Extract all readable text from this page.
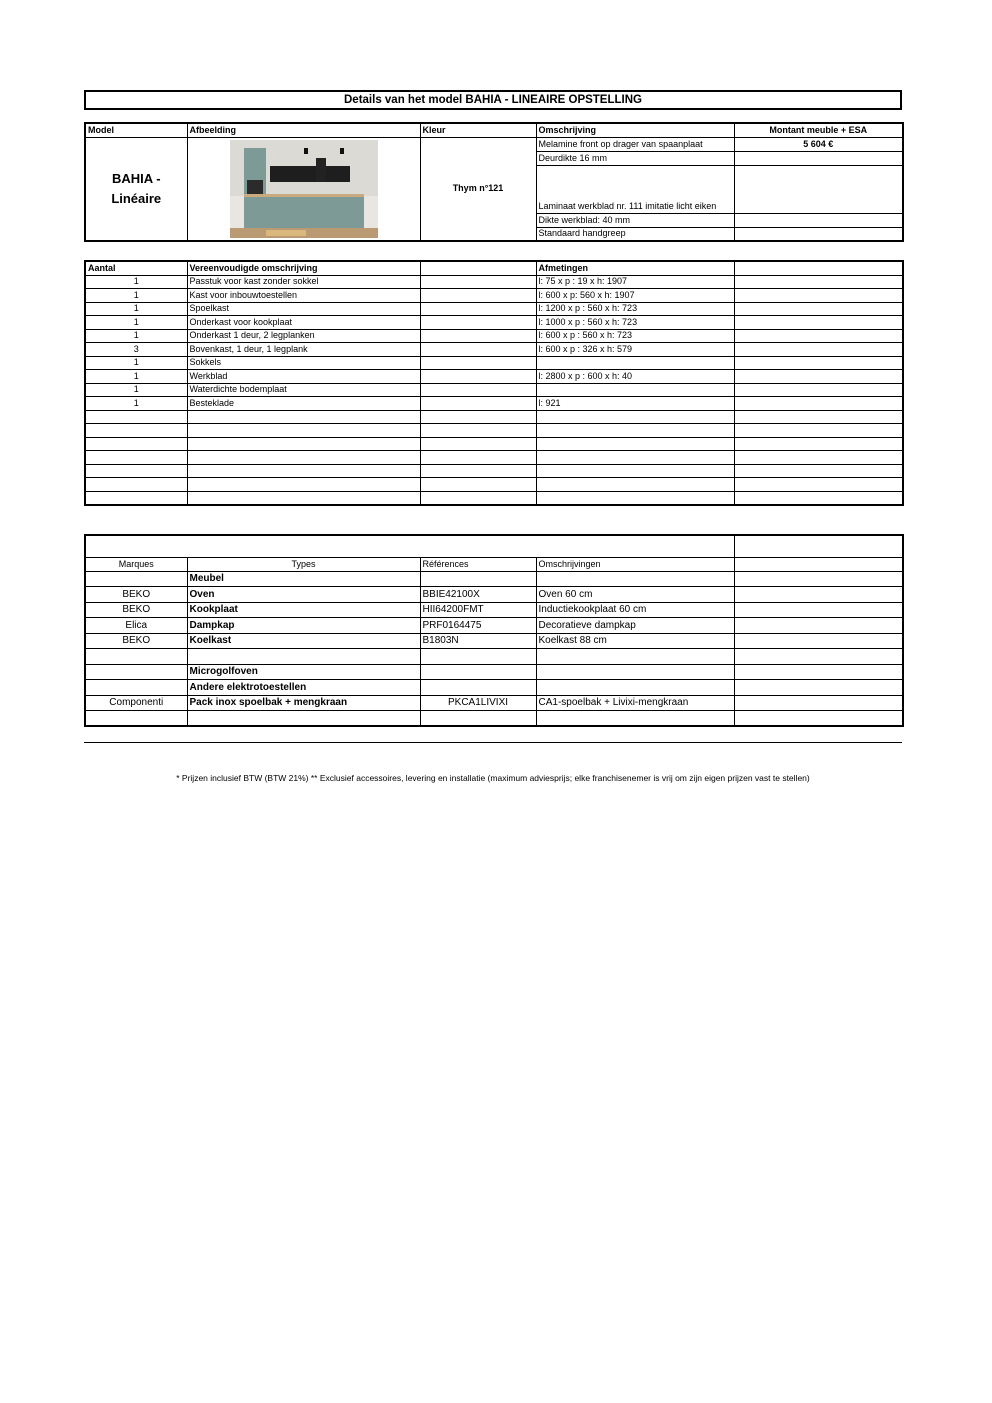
Details van het model BAHIA - LINEAIRE OPSTELLING
Model	Afbeelding	Kleur	Omschrijving	Montant meuble + ESA

BAHIA -
Linéaire		Thym n°121	Melamine front op drager van spaanplaat	5 604 €
			Deurdikte 16 mm	
			Laminaat werkblad nr. 111 imitatie licht eiken	
			Dikte werkblad: 40 mm	
			Standaard handgreep	
Aantal	Vereenvoudigde omschrijving		Afmetingen	
1	Passtuk voor kast zonder sokkel		l: 75 x p : 19 x h: 1907	
1	Kast voor inbouwtoestellen		l: 600 x p: 560 x h: 1907	
1	Spoelkast		l: 1200 x p : 560 x h: 723	
1	Onderkast voor kookplaat		l: 1000 x p : 560 x h: 723	
1	Onderkast 1 deur, 2 legplanken		l: 600 x p : 560 x h: 723	
3	Bovenkast, 1 deur, 1 legplank		l: 600 x p : 326 x h: 579	
1	Sokkels			
1	Werkblad		l: 2800 x p : 600 x h: 40	
1	Waterdichte bodemplaat			
1	Besteklade		l: 921	

Marques	Types	Références	Omschrijvingen	
	Meubel			
BEKO	Oven	BBIE42100X	Oven 60 cm	
BEKO	Kookplaat	HII64200FMT	Inductiekookplaat 60 cm	
Elica	Dampkap	PRF0164475	Decoratieve dampkap	
BEKO	Koelkast	B1803N	Koelkast 88 cm	

	Microgolfoven			
	Andere elektrotoestellen			
Componenti	Pack inox spoelbak + mengkraan	PKCA1LIVIXI	CA1-spoelbak + Livixi-mengkraan	

* Prijzen inclusief BTW (BTW 21%) ** Exclusief accessoires, levering en installatie (maximum adviesprijs; elke franchisenemer is vrij om zijn eigen prijzen vast te stellen)
